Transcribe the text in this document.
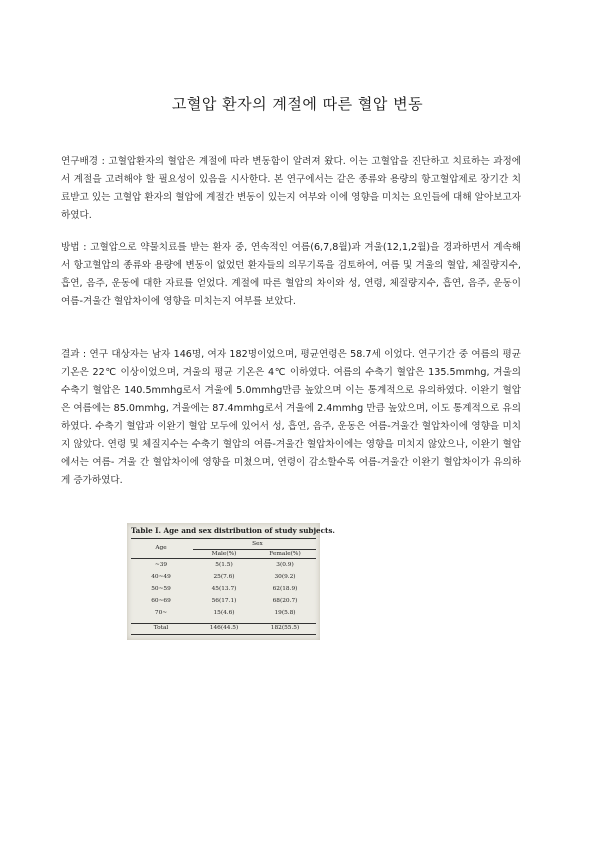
고혈압 환자의 계절에 따른 혈압 변동

연구배경 : 고혈압환자의 혈압은 계절에 따라 변동함이 알려져 왔다. 이는 고혈압을 진단하고 치료하는 과정에서 계절을 고려해야 할 필요성이 있음을 시사한다. 본 연구에서는 같은 종류와 용량의 항고혈압제로 장기간 치료받고 있는 고혈압 환자의 혈압에 계절간 변동이 있는지 여부와 이에 영향을 미치는 요인들에 대해 알아보고자 하였다.

방법 : 고혈압으로 약물치료를 받는 환자 중, 연속적인 여름(6,7,8월)과 겨울(12,1,2월)을 경과하면서 계속해서 항고혈압의 종류와 용량에 변동이 없었던 환자들의 의무기록을 검토하여, 여름 및 겨울의 혈압, 체질량지수, 흡연, 음주, 운동에 대한 자료를 얻었다. 계절에 따른 혈압의 차이와 성, 연령, 체질량지수, 흡연, 음주, 운동이 여름-겨울간 혈압차이에 영향을 미치는지 여부를 보았다.

결과 : 연구 대상자는 남자 146명, 여자 182명이었으며, 평균연령은 58.7세 이었다. 연구기간 중 여름의 평균기온은 22℃ 이상이었으며, 겨울의 평균 기온은 4℃ 이하였다. 여름의 수축기 혈압은 135.5mmhg, 겨울의 수축기 혈압은 140.5mmhg로서 겨울에 5.0mmhg만큼 높았으며 이는 통계적으로 유의하였다. 이완기 혈압은 여름에는 85.0mmhg, 겨울에는 87.4mmhg로서 겨울에 2.4mmhg 만큼 높았으며, 이도 통계적으로 유의하였다. 수축기 혈압과 이완기 혈압 모두에 있어서 성, 흡연, 음주, 운동은 여름-겨울간 혈압차이에 영향을 미치지 않았다. 연령 및 체질지수는 수축기 혈압의 여름-겨울간 혈압차이에는 영향을 미치지 않았으나, 이완기 혈압에서는 여름- 겨울 간 혈압차이에 영향을 미쳤으며, 연령이 감소할수록 여름-겨울간 이완기 혈압차이가 유의하게 증가하였다.

Table I. Age and sex distribution of study subjects.
Age
Sex
Male(%)	Female(%)
~39	5(1.5)	3(0.9)
40~49	25(7.6)	30(9.2)
50~59	45(13.7)	62(18.9)
60~69	56(17.1)	68(20.7)
70~	15(4.6)	19(5.8)
Total	146(44.5)	182(55.5)
